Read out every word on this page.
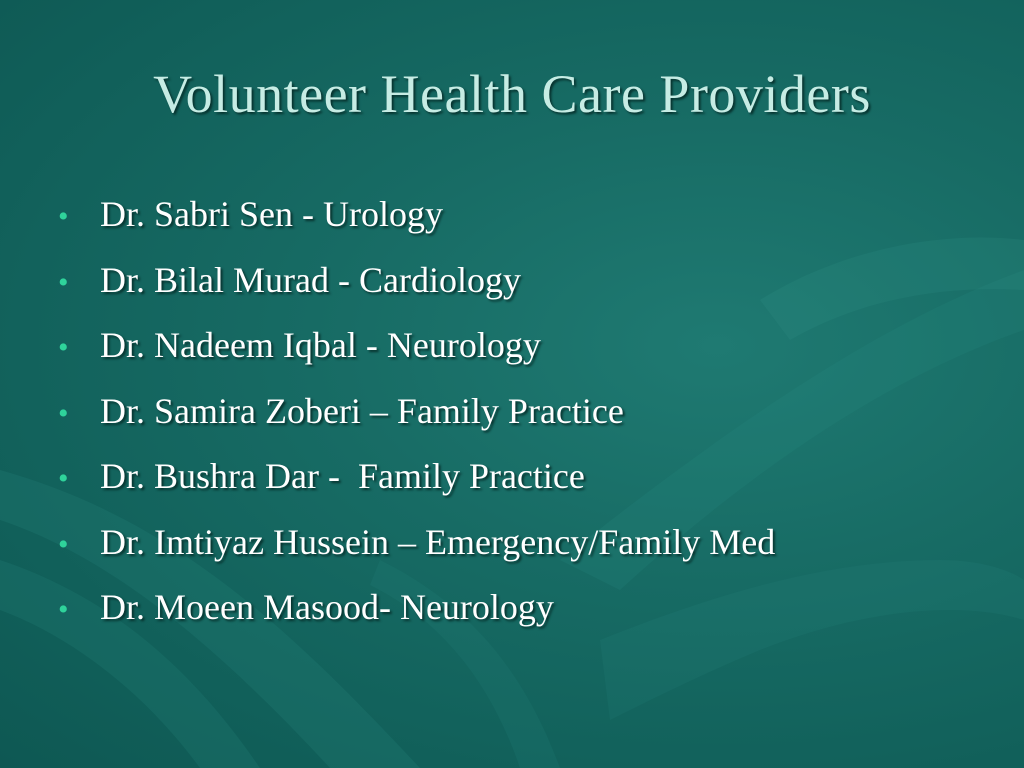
Volunteer Health Care Providers
• Dr. Sabri Sen - Urology
• Dr. Bilal Murad - Cardiology
• Dr. Nadeem Iqbal - Neurology
• Dr. Samira Zoberi – Family Practice
• Dr. Bushra Dar -  Family Practice
• Dr. Imtiyaz Hussein – Emergency/Family Med
• Dr. Moeen Masood- Neurology
